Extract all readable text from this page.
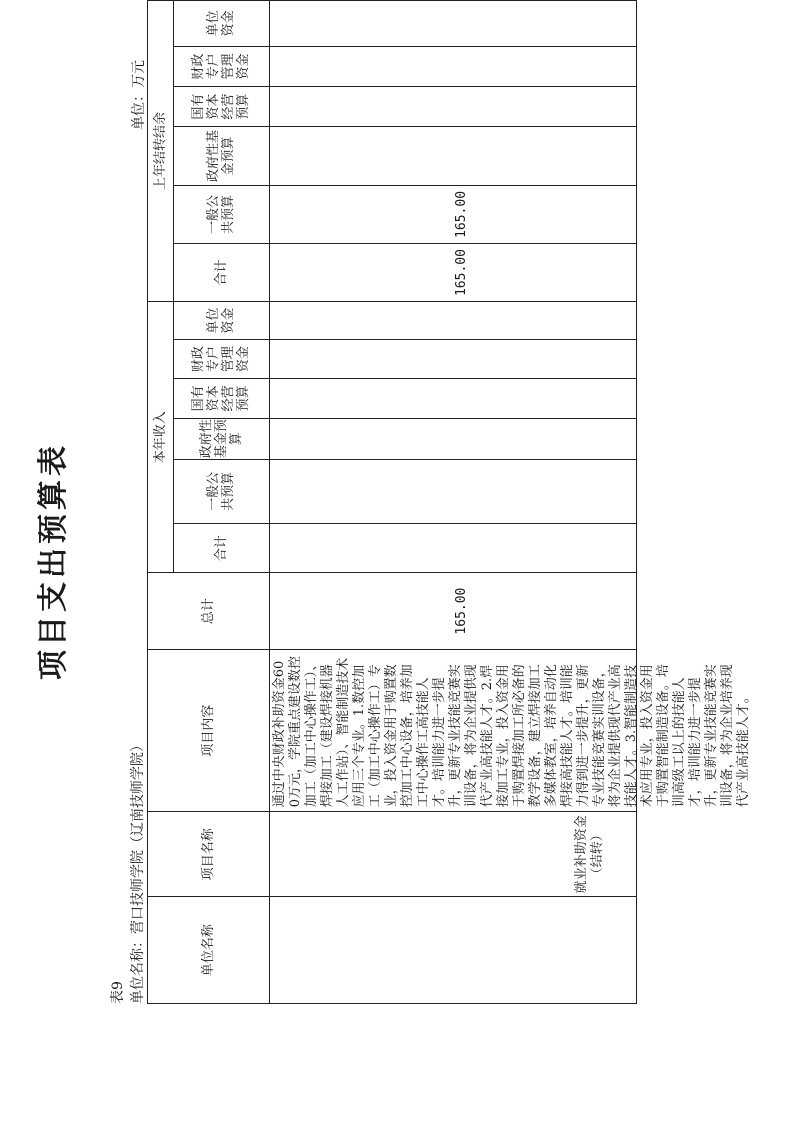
项目支出预算表
表9 单位名称：营口技师学院（辽南技师学院）
单位：万元
单位名称	项目名称	项目内容	总计	本年收入						上年结转结余					
				合计	一般公共预算	政府性基金预算	国有资本经营预算	财政专户管理资金	单位资金	合计	一般公共预算	政府性基金预算	国有资本经营预算	财政专户管理资金	单位资金
	就业补助资金（结转）	通过中央财政补助资金600万元，学院重点建设数控加工（加工中心操作工）、焊接加工（建设焊接机器人工作站）、智能制造技术应用三个专业。1.数控加工（加工中心操作工）专业，投入资金用于购置数控加工中心设备，培养加工中心操作工高技能人才。培训能力进一步提升，更新专业技能竞赛实训设备，将为企业提供现代产业高技能人才。2.焊接加工专业，投入资金用于购置焊接加工所必备的教学设备，建立焊接加工多媒体教室，培养自动化焊接高技能人才。培训能力得到进一步提升，更新专业技能竞赛实训设备，将为企业提供现代产业高技能人才。3.智能制造技术应用专业，投入资金用于购置智能制造设备。培训高级工以上的技能人才，培训能力进一步提升，更新专业技能竞赛实训设备，将为企业培养现代产业高技能人才。	165.00							165.00	165.00				
